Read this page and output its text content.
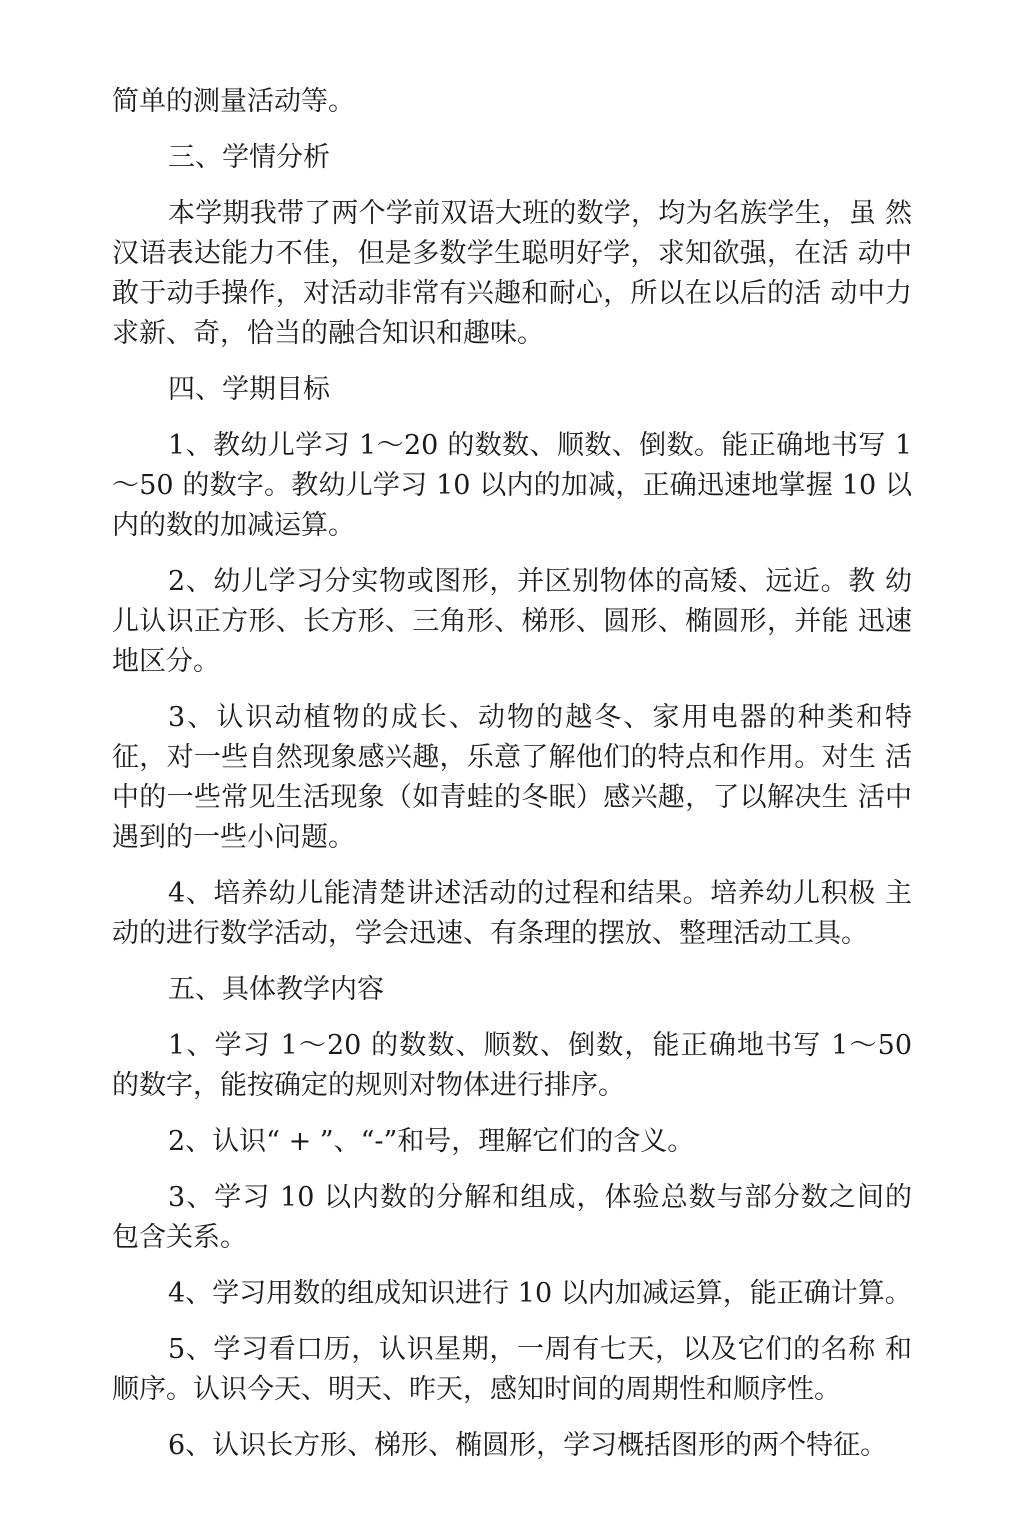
简单的测量活动等。

三、学情分析

本学期我带了两个学前双语大班的数学，均为名族学生，虽 然汉语表达能力不佳，但是多数学生聪明好学，求知欲强，在活 动中敢于动手操作，对活动非常有兴趣和耐心，所以在以后的活 动中力求新、奇，恰当的融合知识和趣味。

四、学期目标

1、教幼儿学习 1～20 的数数、顺数、倒数。能正确地书写 1～50 的数字。教幼儿学习 10 以内的加减，正确迅速地掌握 10 以内的数的加减运算。

2、幼儿学习分实物或图形，并区别物体的高矮、远近。教 幼儿认识正方形、长方形、三角形、梯形、圆形、椭圆形，并能 迅速地区分。

3、认识动植物的成长、动物的越冬、家用电器的种类和特 征，对一些自然现象感兴趣，乐意了解他们的特点和作用。对生 活中的一些常见生活现象（如青蛙的冬眠）感兴趣，了以解决生 活中遇到的一些小问题。

4、培养幼儿能清楚讲述活动的过程和结果。培养幼儿积极 主动的进行数学活动，学会迅速、有条理的摆放、整理活动工具。

五、具体教学内容

1、学习 1～20 的数数、顺数、倒数，能正确地书写 1～50 的数字，能按确定的规则对物体进行排序。

2、认识“ + ”、“-”和号，理解它们的含义。

3、学习 10 以内数的分解和组成，体验总数与部分数之间的 包含关系。

4、学习用数的组成知识进行 10 以内加减运算，能正确计算。

5、学习看口历，认识星期，一周有七天，以及它们的名称 和顺序。认识今天、明天、昨天，感知时间的周期性和顺序性。

6、认识长方形、梯形、椭圆形，学习概括图形的两个特征。
